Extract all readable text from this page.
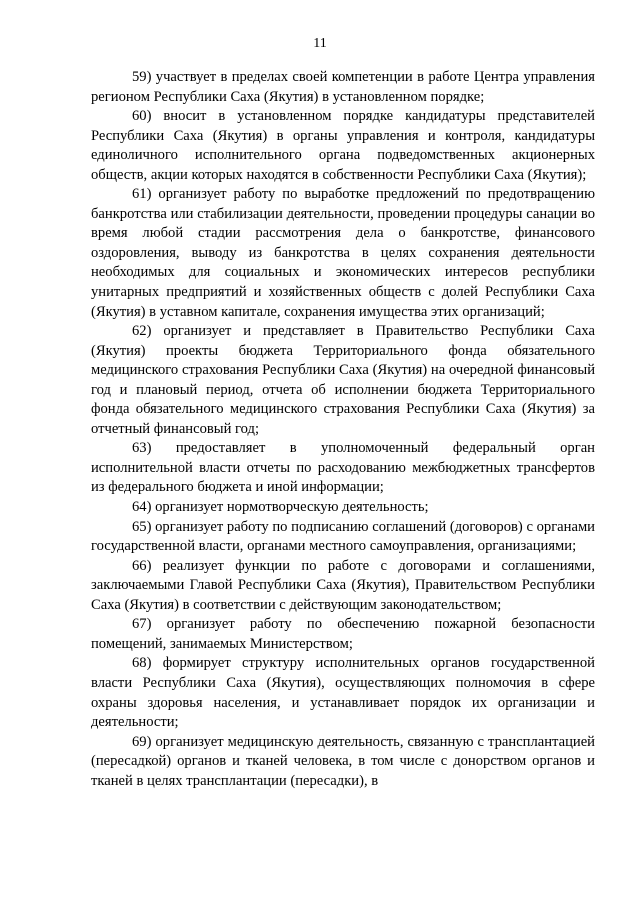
11

59) участвует в пределах своей компетенции в работе Центра управления регионом Республики Саха (Якутия) в установленном порядке;

60) вносит в установленном порядке кандидатуры представителей Республики Саха (Якутия) в органы управления и контроля, кандидатуры единоличного исполнительного органа подведомственных акционерных обществ, акции которых находятся в собственности Республики Саха (Якутия);

61) организует работу по выработке предложений по предотвращению банкротства или стабилизации деятельности, проведении процедуры санации во время любой стадии рассмотрения дела о банкротстве, финансового оздоровления, выводу из банкротства в целях сохранения деятельности необходимых для социальных и экономических интересов республики унитарных предприятий и хозяйственных обществ с долей Республики Саха (Якутия) в уставном капитале, сохранения имущества этих организаций;

62) организует и представляет в Правительство Республики Саха (Якутия) проекты бюджета Территориального фонда обязательного медицинского страхования Республики Саха (Якутия) на очередной финансовый год и плановый период, отчета об исполнении бюджета Территориального фонда обязательного медицинского страхования Республики Саха (Якутия) за отчетный финансовый год;

63) предоставляет в уполномоченный федеральный орган исполнительной власти отчеты по расходованию межбюджетных трансфертов из федерального бюджета и иной информации;

64) организует нормотворческую деятельность;

65) организует работу по подписанию соглашений (договоров) с органами государственной власти, органами местного самоуправления, организациями;

66) реализует функции по работе с договорами и соглашениями, заключаемыми Главой Республики Саха (Якутия), Правительством Республики Саха (Якутия) в соответствии с действующим законодательством;

67) организует работу по обеспечению пожарной безопасности помещений, занимаемых Министерством;

68) формирует структуру исполнительных органов государственной власти Республики Саха (Якутия), осуществляющих полномочия в сфере охраны здоровья населения, и устанавливает порядок их организации и деятельности;

69) организует медицинскую деятельность, связанную с трансплантацией (пересадкой) органов и тканей человека, в том числе с донорством органов и тканей в целях трансплантации (пересадки), в
